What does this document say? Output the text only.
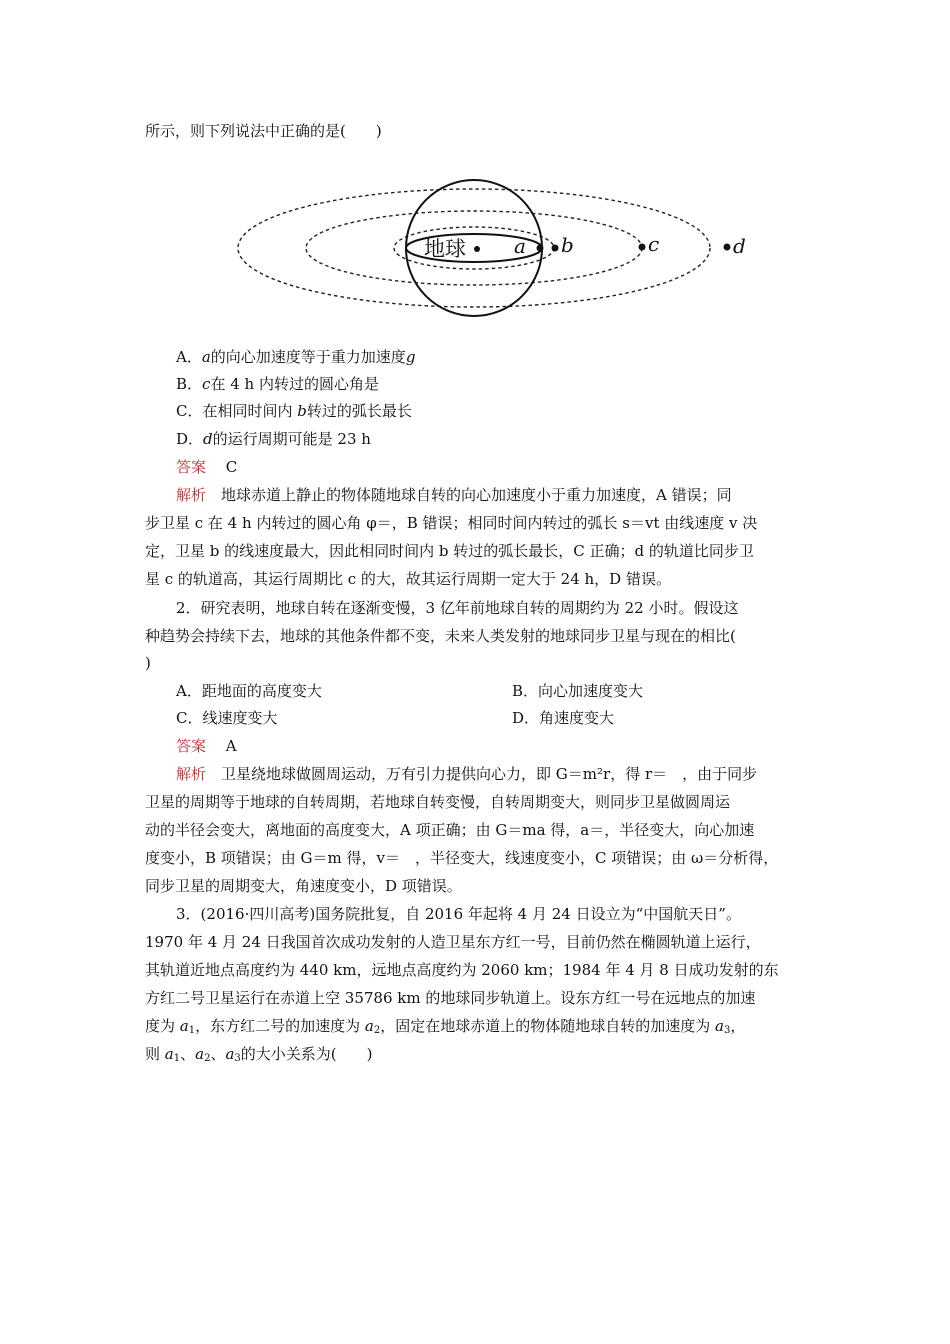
所示，则下列说法中正确的是(　　)
地球 a b	c	d
A．a的向心加速度等于重力加速度g
B．c在 4 h 内转过的圆心角是
C．在相同时间内 b转过的弧长最长
D．d的运行周期可能是 23 h
答案　 C
解析　 地球赤道上静止的物体随地球自转的向心加速度小于重力加速度，A 错误；同
步卫星 c 在 4 h 内转过的圆心角 φ＝，B 错误；相同时间内转过的弧长 s＝vt 由线速度 v 决
定，卫星 b 的线速度最大，因此相同时间内 b 转过的弧长最长，C 正确；d 的轨道比同步卫
星 c 的轨道高，其运行周期比 c 的大，故其运行周期一定大于 24 h，D 错误。
2．研究表明，地球自转在逐渐变慢，3 亿年前地球自转的周期约为 22 小时。假设这
种趋势会持续下去，地球的其他条件都不变，未来人类发射的地球同步卫星与现在的相比(
)
A．距地面的高度变大	B．向心加速度变大
C．线速度变大	D．角速度变大
答案　 A
解析　 卫星绕地球做圆周运动，万有引力提供向心力，即 G＝m²r，得 r＝　，由于同步
卫星的周期等于地球的自转周期，若地球自转变慢，自转周期变大，则同步卫星做圆周运
动的半径会变大，离地面的高度变大，A 项正确；由 G＝ma 得，a＝，半径变大，向心加速
度变小，B 项错误；由 G＝m 得，v＝　，半径变大，线速度变小，C 项错误；由 ω＝分析得，
同步卫星的周期变大，角速度变小，D 项错误。
3．(2016·四川高考)国务院批复，自 2016 年起将 4 月 24 日设立为“中国航天日”。
1970 年 4 月 24 日我国首次成功发射的人造卫星东方红一号，目前仍然在椭圆轨道上运行，
其轨道近地点高度约为 440 km，远地点高度约为 2060 km；1984 年 4 月 8 日成功发射的东
方红二号卫星运行在赤道上空 35786 km 的地球同步轨道上。设东方红一号在远地点的加速
度为 $a_1$，东方红二号的加速度为 $a_2$，固定在地球赤道上的物体随地球自转的加速度为 $a_3$，
则 $a_1$、$a_2$、$a_3$的大小关系为(　　)
